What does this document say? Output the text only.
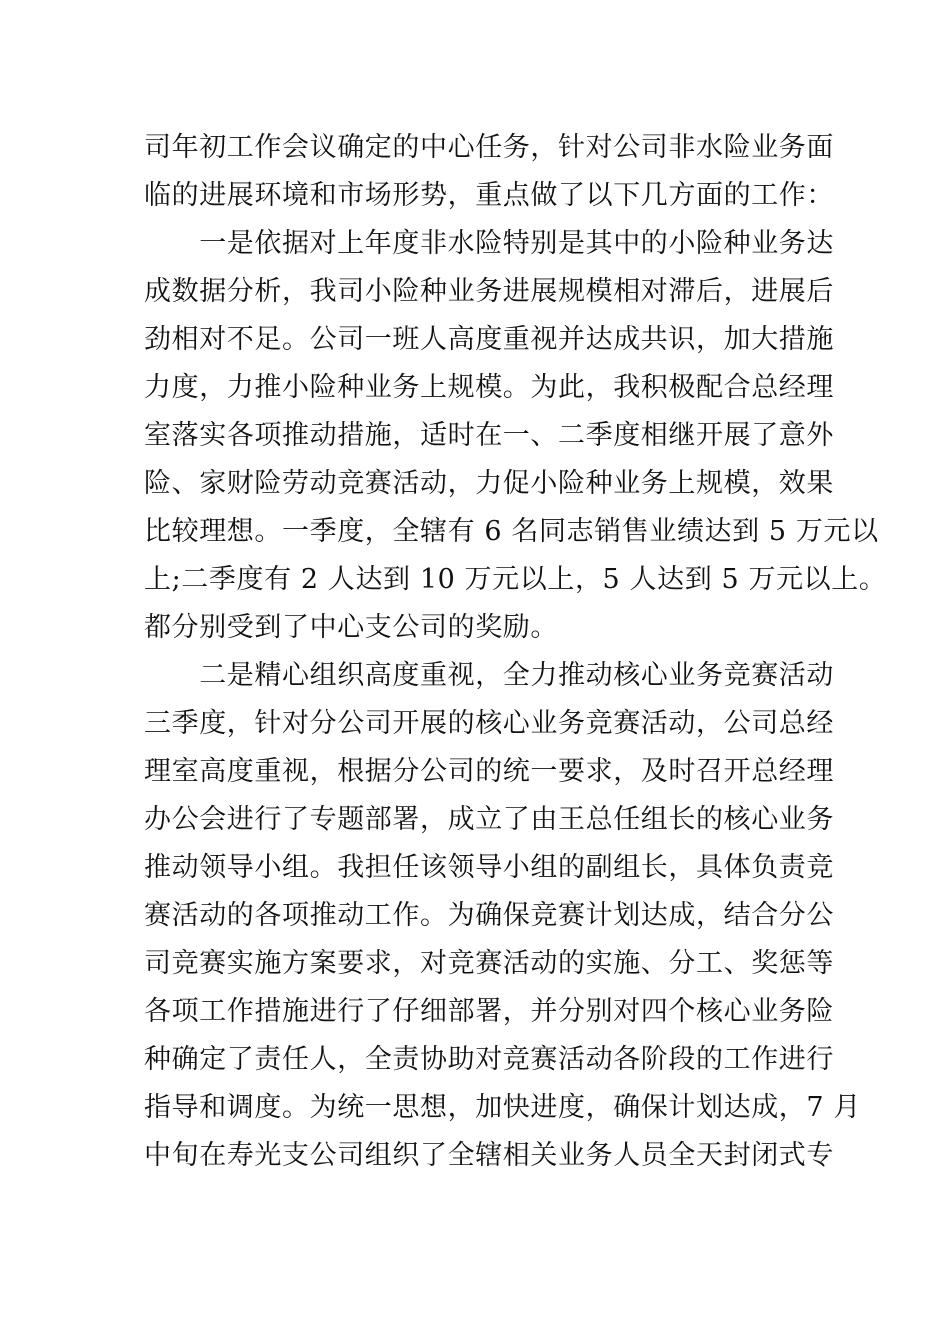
司年初工作会议确定的中心任务，针对公司非水险业务面
临的进展环境和市场形势，重点做了以下几方面的工作：
　　一是依据对上年度非水险特别是其中的小险种业务达
成数据分析，我司小险种业务进展规模相对滞后，进展后
劲相对不足。公司一班人高度重视并达成共识，加大措施
力度，力推小险种业务上规模。为此，我积极配合总经理
室落实各项推动措施，适时在一、二季度相继开展了意外
险、家财险劳动竞赛活动，力促小险种业务上规模，效果
比较理想。一季度，全辖有 6 名同志销售业绩达到 5 万元以
上;二季度有 2 人达到 10 万元以上，5 人达到 5 万元以上。
都分别受到了中心支公司的奖励。
　　二是精心组织高度重视，全力推动核心业务竞赛活动
三季度，针对分公司开展的核心业务竞赛活动，公司总经
理室高度重视，根据分公司的统一要求，及时召开总经理
办公会进行了专题部署，成立了由王总任组长的核心业务
推动领导小组。我担任该领导小组的副组长，具体负责竞
赛活动的各项推动工作。为确保竞赛计划达成，结合分公
司竞赛实施方案要求，对竞赛活动的实施、分工、奖惩等
各项工作措施进行了仔细部署，并分别对四个核心业务险
种确定了责任人，全责协助对竞赛活动各阶段的工作进行
指导和调度。为统一思想，加快进度，确保计划达成，7 月
中旬在寿光支公司组织了全辖相关业务人员全天封闭式专
